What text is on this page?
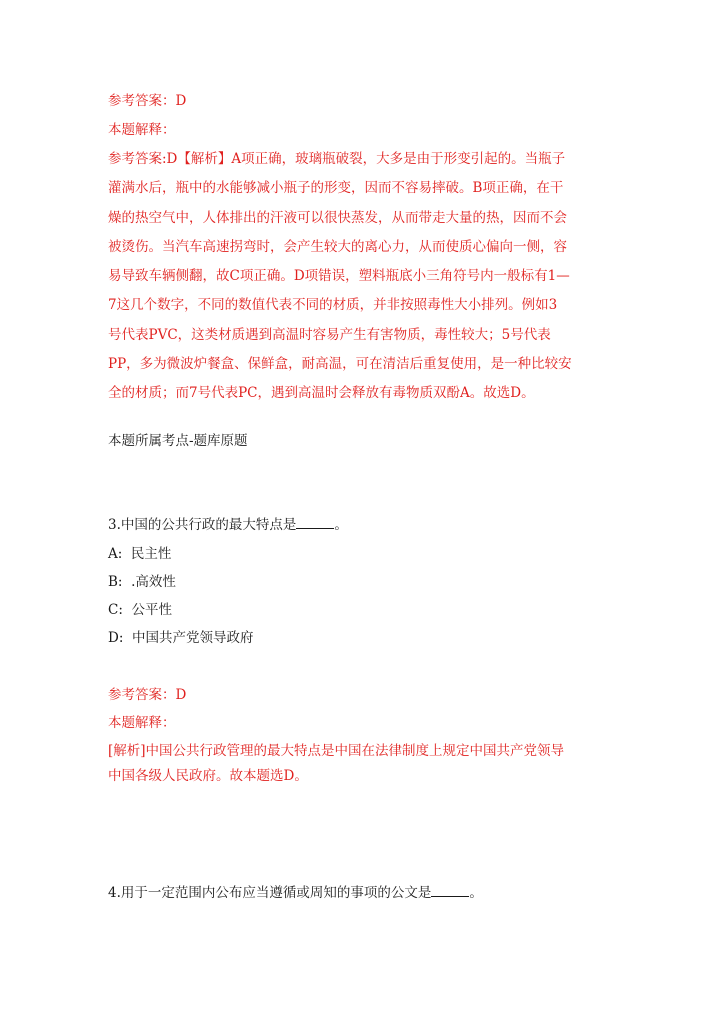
参考答案：D

本题解释：

参考答案:D【解析】A项正确，玻璃瓶破裂，大多是由于形变引起的。当瓶子
灌满水后，瓶中的水能够减小瓶子的形变，因而不容易摔破。B项正确，在干
燥的热空气中，人体排出的汗液可以很快蒸发，从而带走大量的热，因而不会
被烫伤。当汽车高速拐弯时，会产生较大的离心力，从而使质心偏向一侧，容
易导致车辆侧翻，故C项正确。D项错误，塑料瓶底小三角符号内一般标有1—
7这几个数字，不同的数值代表不同的材质，并非按照毒性大小排列。例如3
号代表PVC，这类材质遇到高温时容易产生有害物质，毒性较大；5号代表
PP，多为微波炉餐盒、保鲜盒，耐高温，可在清洁后重复使用，是一种比较安
全的材质；而7号代表PC，遇到高温时会释放有毒物质双酚A。故选D。

本题所属考点-题库原题

3.中国的公共行政的最大特点是	。

A: 民主性

B: .高效性

C: 公平性

D: 中国共产党领导政府

参考答案：D

本题解释：

[解析]中国公共行政管理的最大特点是中国在法律制度上规定中国共产党领导
中国各级人民政府。故本题选D。

4.用于一定范围内公布应当遵循或周知的事项的公文是	。
